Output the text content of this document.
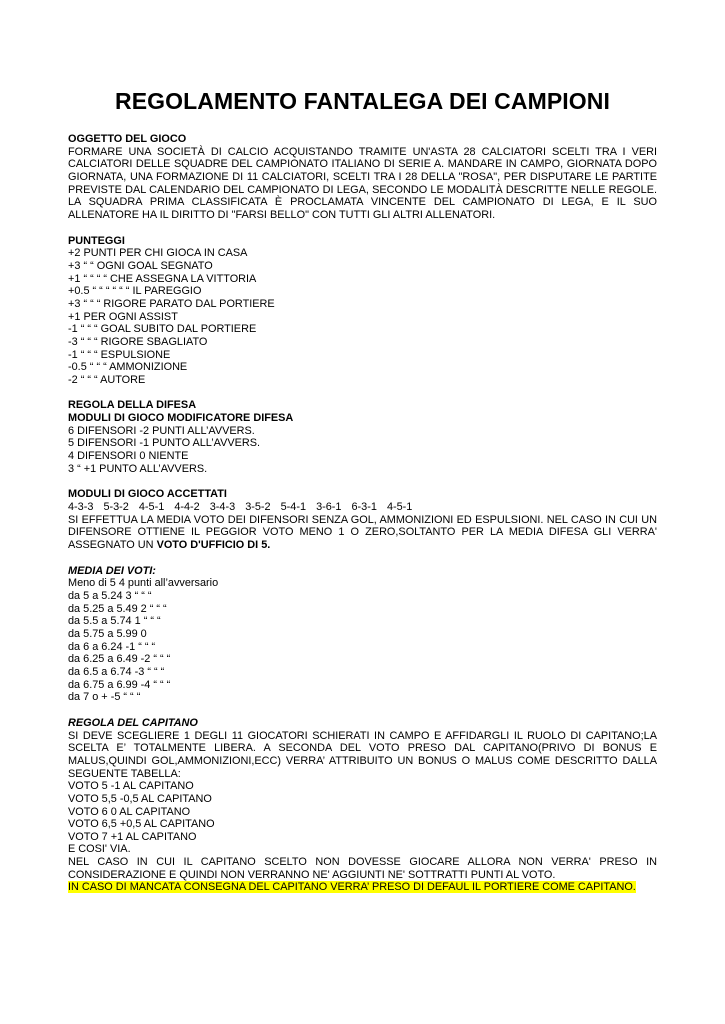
REGOLAMENTO FANTALEGA DEI CAMPIONI
OGGETTO DEL GIOCO
FORMARE UNA SOCIETÀ DI CALCIO ACQUISTANDO TRAMITE UN'ASTA 28 CALCIATORI SCELTI TRA I VERI CALCIATORI DELLE SQUADRE DEL CAMPIONATO ITALIANO DI SERIE A. MANDARE IN CAMPO, GIORNATA DOPO GIORNATA, UNA FORMAZIONE DI 11 CALCIATORI, SCELTI TRA I 28 DELLA "ROSA", PER DISPUTARE LE PARTITE PREVISTE DAL CALENDARIO DEL CAMPIONATO DI LEGA, SECONDO LE MODALITÀ DESCRITTE NELLE REGOLE. LA SQUADRA PRIMA CLASSIFICATA È PROCLAMATA VINCENTE DEL CAMPIONATO DI LEGA, E IL SUO ALLENATORE HA IL DIRITTO DI "FARSI BELLO" CON TUTTI GLI ALTRI ALLENATORI.
PUNTEGGI
+2 PUNTI PER CHI GIOCA IN CASA
+3 “ “ OGNI GOAL SEGNATO
+1 “ “ “ “ CHE ASSEGNA LA VITTORIA
+0.5 “ “ “ “ “ “ IL PAREGGIO
+3 “ “ “ RIGORE PARATO DAL PORTIERE
+1 PER OGNI ASSIST
-1 “ “ “ GOAL SUBITO DAL PORTIERE
-3 “ “ “ RIGORE SBAGLIATO
-1 “ “ “ ESPULSIONE
-0.5 “ “ “ AMMONIZIONE
-2 “ “ “ AUTORE
REGOLA DELLA DIFESA
MODULI DI GIOCO MODIFICATORE DIFESA
6 DIFENSORI -2 PUNTI ALL’AVVERS.
5 DIFENSORI -1 PUNTO ALL’AVVERS.
4 DIFENSORI 0 NIENTE
3 “ +1 PUNTO ALL’AVVERS.
MODULI DI GIOCO ACCETTATI
4-3-3 5-3-2 4-5-1 4-4-2 3-4-3 3-5-2 5-4-1 3-6-1 6-3-1 4-5-1
SI EFFETTUA LA MEDIA VOTO DEI DIFENSORI SENZA GOL, AMMONIZIONI ED ESPULSIONI. NEL CASO IN CUI UN DIFENSORE OTTIENE IL PEGGIOR VOTO MENO 1 O ZERO,SOLTANTO PER LA MEDIA DIFESA GLI VERRA' ASSEGNATO UN VOTO D'UFFICIO DI 5.
MEDIA DEI VOTI:
Meno di 5 4 punti all’avversario
da 5 a 5.24 3 “ “ “
da 5.25 a 5.49 2 “ “ “
da 5.5 a 5.74 1 “ “ “
da 5.75 a 5.99 0
da 6 a 6.24 -1 “ “ “
da 6.25 a 6.49 -2 “ “ “
da 6.5 a 6.74 -3 “ “ “
da 6.75 a 6.99 -4 “ “ “
da 7 o + -5 “ “ “
REGOLA DEL CAPITANO
SI DEVE SCEGLIERE 1 DEGLI 11 GIOCATORI SCHIERATI IN CAMPO E AFFIDARGLI IL RUOLO DI CAPITANO;LA SCELTA E’ TOTALMENTE LIBERA. A SECONDA DEL VOTO PRESO DAL CAPITANO(PRIVO DI BONUS E MALUS,QUINDI GOL,AMMONIZIONI,ECC) VERRA’ ATTRIBUITO UN BONUS O MALUS COME DESCRITTO DALLA SEGUENTE TABELLA:
VOTO 5 -1 AL CAPITANO
VOTO 5,5 -0,5 AL CAPITANO
VOTO 6 0 AL CAPITANO
VOTO 6,5 +0,5 AL CAPITANO
VOTO 7 +1 AL CAPITANO
E COSI' VIA.
NEL CASO IN CUI IL CAPITANO SCELTO NON DOVESSE GIOCARE ALLORA NON VERRA' PRESO IN CONSIDERAZIONE E QUINDI NON VERRANNO NE' AGGIUNTI NE' SOTTRATTI PUNTI AL VOTO.
IN CASO DI MANCATA CONSEGNA DEL CAPITANO VERRA’ PRESO DI DEFAUL IL PORTIERE COME CAPITANO.
